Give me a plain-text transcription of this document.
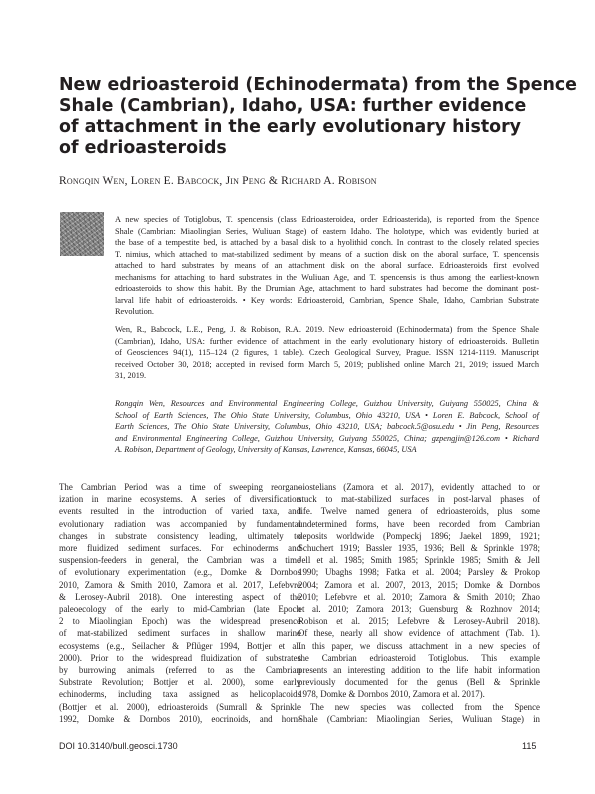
New edrioasteroid (Echinodermata) from the Spence
Shale (Cambrian), Idaho, USA: further evidence
of attachment in the early evolutionary history
of edrioasteroids
Rongqin Wen, Loren E. Babcock, Jin Peng & Richard A. Robison
A new species of Totiglobus, T. spencensis (class Edrioasteroidea, order Edrioasterida), is reported from the Spence
Shale (Cambrian: Miaolingian Series, Wuliuan Stage) of eastern Idaho. The holotype, which was evidently buried at
the base of a tempestite bed, is attached by a basal disk to a hyolithid conch. In contrast to the closely related species
T. nimius, which attached to mat-stabilized sediment by means of a suction disk on the aboral surface, T. spencensis
attached to hard substrates by means of an attachment disk on the aboral surface. Edrioasteroids first evolved
mechanisms for attaching to hard substrates in the Wuliuan Age, and T. spencensis is thus among the earliest-known
edrioasteroids to show this habit. By the Drumian Age, attachment to hard substrates had become the dominant post-
larval life habit of edrioasteroids. • Key words: Edrioasteroid, Cambrian, Spence Shale, Idaho, Cambrian Substrate
Revolution.
Wen, R., Babcock, L.E., Peng, J. & Robison, R.A. 2019. New edrioasteroid (Echinodermata) from the Spence Shale
(Cambrian), Idaho, USA: further evidence of attachment in the early evolutionary history of edrioasteroids. Bulletin
of Geosciences 94(1), 115–124 (2 figures, 1 table). Czech Geological Survey, Prague. ISSN 1214-1119. Manuscript
received October 30, 2018; accepted in revised form March 5, 2019; published online March 21, 2019; issued March
31, 2019.
Rongqin Wen, Resources and Environmental Engineering College, Guizhou University, Guiyang 550025, China &
School of Earth Sciences, The Ohio State University, Columbus, Ohio 43210, USA • Loren E. Babcock, School of
Earth Sciences, The Ohio State University, Columbus, Ohio 43210, USA; babcock.5@osu.edu • Jin Peng, Resources
and Environmental Engineering College, Guizhou University, Guiyang 550025, China; gzpengjin@126.com • Richard
A. Robison, Department of Geology, University of Kansas, Lawrence, Kansas, 66045, USA
The Cambrian Period was a time of sweeping reorgan-
ization in marine ecosystems. A series of diversification
events resulted in the introduction of varied taxa, and
evolutionary radiation was accompanied by fundamental
changes in substrate consistency leading, ultimately to
more fluidized sediment surfaces. For echinoderms and
suspension-feeders in general, the Cambrian was a time
of evolutionary experimentation (e.g., Domke & Dornbos
2010, Zamora & Smith 2010, Zamora et al. 2017, Lefebvre
& Lerosey-Aubril 2018). One interesting aspect of the
paleoecology of the early to mid-Cambrian (late Epoch
2 to Miaolingian Epoch) was the widespread presence
of mat-stabilized sediment surfaces in shallow marine
ecosystems (e.g., Seilacher & Pflüger 1994, Bottjer et al.
2000). Prior to the widespread fluidization of substrates
by burrowing animals (referred to as the Cambrian
Substrate Revolution; Bottjer et al. 2000), some early
echinoderms, including taxa assigned as helicoplacoids
(Bottjer et al. 2000), edrioasteroids (Sumrall & Sprinkle
1992, Domke & Dornbos 2010), eocrinoids, and horn-
oiostelians (Zamora et al. 2017), evidently attached to or
stuck to mat-stabilized surfaces in post-larval phases of
life. Twelve named genera of edrioasteroids, plus some
undetermined forms, have been recorded from Cambrian
deposits worldwide (Pompeckj 1896; Jaekel 1899, 1921;
Schuchert 1919; Bassler 1935, 1936; Bell & Sprinkle 1978;
Jell et al. 1985; Smith 1985; Sprinkle 1985; Smith & Jell
1990; Ubaghs 1998; Fatka et al. 2004; Parsley & Prokop
2004; Zamora et al. 2007, 2013, 2015; Domke & Dornbos
2010; Lefebvre et al. 2010; Zamora & Smith 2010; Zhao
et al. 2010; Zamora 2013; Guensburg & Rozhnov 2014;
Robison et al. 2015; Lefebvre & Lerosey-Aubril 2018).
Of these, nearly all show evidence of attachment (Tab. 1).
In this paper, we discuss attachment in a new species of
the Cambrian edrioasteroid Totiglobus. This example
presents an interesting addition to the life habit information
previously documented for the genus (Bell & Sprinkle
1978, Domke & Dornbos 2010, Zamora et al. 2017).
The new species was collected from the Spence
Shale (Cambrian: Miaolingian Series, Wuliuan Stage) in
DOI 10.3140/bull.geosci.1730	115
